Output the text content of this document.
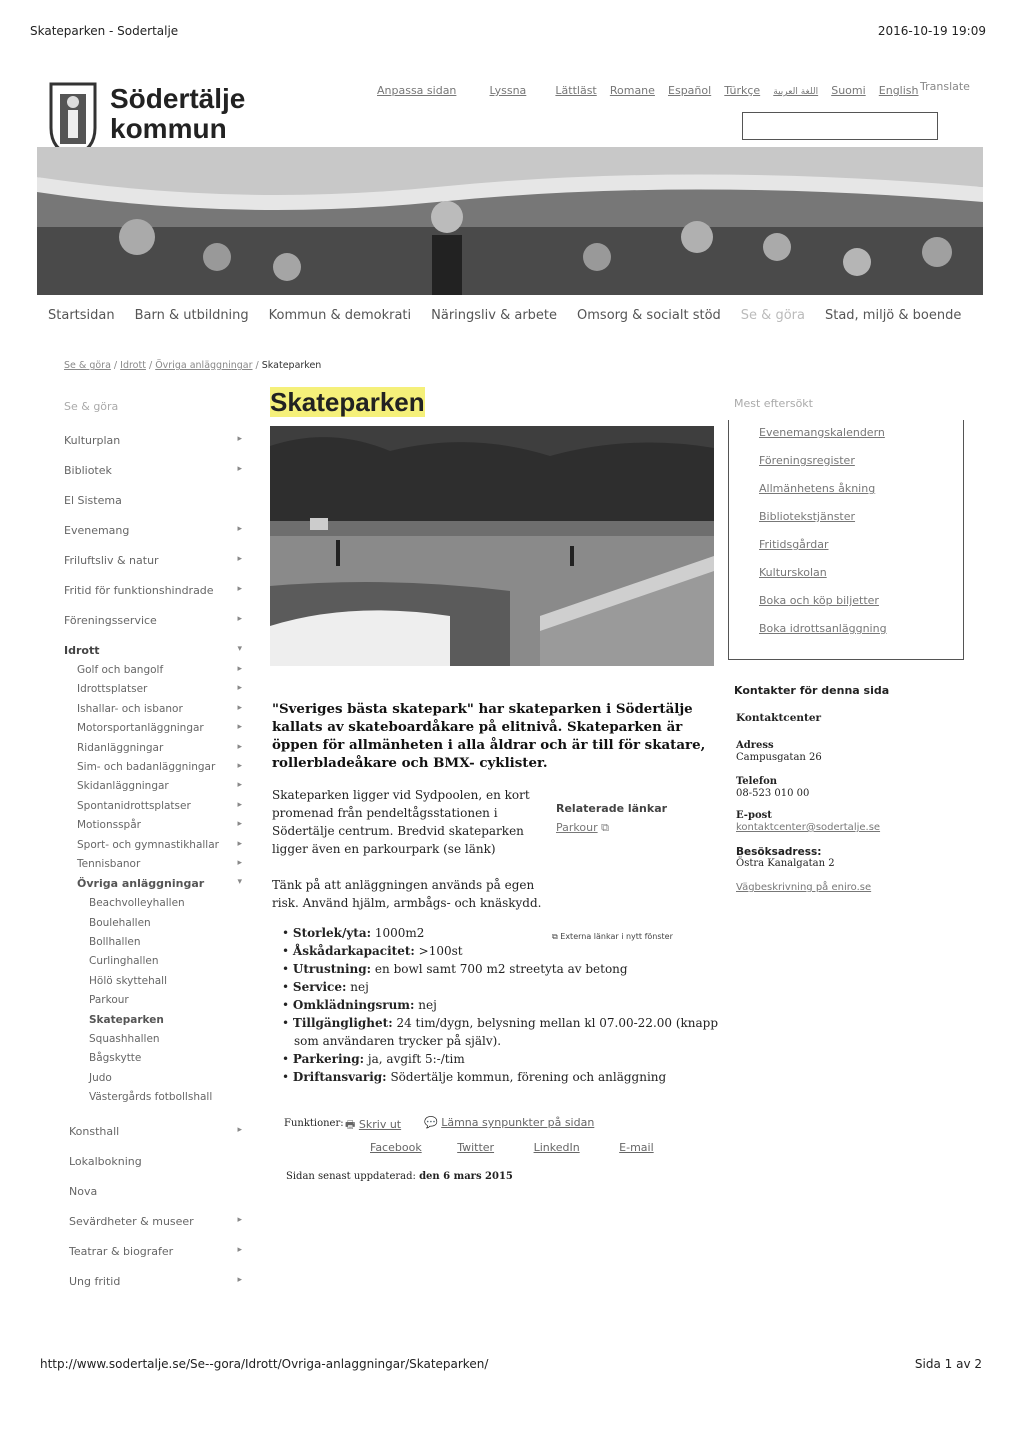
Skateparken - Sodertalje	2016-10-19 19:09
Södertälje
kommun
Anpassa sidan	Lyssna	Lättläst Romane Español Türkçe اللغة العربية Suomi English Translate
Startsidan Barn & utbildning Kommun & demokrati Näringsliv & arbete Omsorg & socialt stöd Se & göra Stad, miljö & boende
Se & göra / Idrott / Övriga anläggningar / Skateparken
Se & göra
Kulturplan	▸
Bibliotek	▸
El Sistema
Evenemang	▸
Friluftsliv & natur	▸
Fritid för funktionshindrade	▸
Föreningsservice	▸
Idrott	▾
Golf och bangolf	▸
Idrottsplatser	▸
Ishallar- och isbanor	▸
Motorsportanläggningar	▸
Ridanläggningar	▸
Sim- och badanläggningar ▸
Skidanläggningar	▸
Spontanidrottsplatser	▸
Motionsspår	▸
Sport- och gymnastikhallar ▸
Tennisbanor	▸
Övriga anläggningar	▾
Beachvolleyhallen
Boulehallen
Bollhallen
Curlinghallen
Hölö skyttehall
Parkour
Skateparken
Squashhallen
Bågskytte
Judo
Västergårds fotbollshall
Konsthall	▸
Lokalbokning
Nova
Sevärdheter & museer	▸
Teatrar & biografer	▸
Ung fritid	▸
Skateparken
"Sveriges bästa skatepark" har skateparken i Södertälje kallats av skateboardåkare på elitnivå. Skateparken är öppen för allmänheten i alla åldrar och är till för skatare, rollerbladeåkare och BMX- cyklister.
Skateparken ligger vid Sydpoolen, en kort promenad från pendeltågsstationen i Södertälje centrum. Bredvid skateparken ligger även en parkourpark (se länk)
Tänk på att anläggningen används på egen risk. Använd hjälm, armbågs- och knäskydd.
Relaterade länkar
Parkour ⧉
⧉ Externa länkar i nytt fönster
• Storlek/yta: 1000m2
• Åskådarkapacitet: >100st
• Utrustning: en bowl samt 700 m2 streetyta av betong
• Service: nej
• Omklädningsrum: nej
• Tillgänglighet: 24 tim/dygn, belysning mellan kl 07.00-22.00 (knapp som användaren trycker på själv).
• Parkering: ja, avgift 5:-/tim
• Driftansvarig: Södertälje kommun, förening och anläggning
Funktioner: 🖶 Skriv ut 💬 Lämna synpunkter på sidan
Facebook	Twitter	LinkedIn	E-mail
Sidan senast uppdaterad: den 6 mars 2015
Mest eftersökt
Evenemangskalendern
Föreningsregister
Allmänhetens åkning
Bibliotekstjänster
Fritidsgårdar
Kulturskolan
Boka och köp biljetter
Boka idrottsanläggning
Kontakter för denna sida
Kontaktcenter
Adress
Campusgatan 26
Telefon
08-523 010 00
E-post
kontaktcenter@sodertalje.se
Besöksadress:
Östra Kanalgatan 2
Vägbeskrivning på eniro.se
http://www.sodertalje.se/Se--gora/Idrott/Ovriga-anlaggningar/Skateparken/	Sida 1 av 2
